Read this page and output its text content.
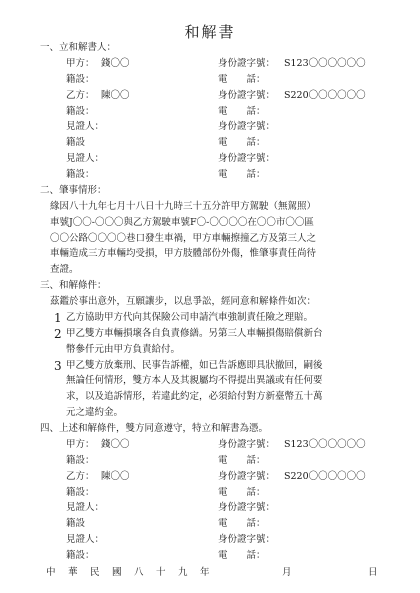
和解書
一、立和解書人：
甲方： 錢〇〇	身份證字號： S123〇〇〇〇〇〇
籍設：	電　　話：
乙方： 陳〇〇	身份證字號： S220〇〇〇〇〇〇
籍設：	電　　話：
見證人：	身份證字號：
籍設	電　　話：
見證人：	身份證字號：
籍設：	電　　話：
二、肇事情形：
緣因八十九年七月十八日十九時三十五分許甲方駕駛（無駕照）
車號J〇〇-〇〇〇與乙方駕駛車號F〇-〇〇〇〇在〇〇市〇〇區
〇〇公路〇〇〇〇巷口發生車禍，甲方車輛擦撞乙方及第三人之
車輛造成三方車輛均受損，甲方肢體部份外傷，惟肇事責任尚待
查證。
三、和解條件：
茲鑑於事出意外，互願讓步，以息爭訟，經同意和解條件如次：
1 乙方協助甲方代向其保險公司申請汽車強制責任險之理賠。
2 甲乙雙方車輛損壞各自負責修繕。另第三人車輛損傷賠償新台
幣參仟元由甲方負責給付。
3 甲乙雙方放棄刑、民事告訴權，如已告訴應即具狀撤回，嗣後
無論任何情形，雙方本人及其親屬均不得提出異議或有任何要
求，以及追訴情形，若違此約定，必須給付對方新臺幣五十萬
元之違約金。
四、上述和解條件，雙方同意遵守，特立和解書為憑。
甲方： 錢〇〇	身份證字號： S123〇〇〇〇〇〇
籍設：	電　　話：
乙方： 陳〇〇	身份證字號： S220〇〇〇〇〇〇
籍設：	電　　話：
見證人：	身份證字號：
籍設	電　　話：
見證人：	身份證字號：
籍設：	電　　話：
中 華 民 國 八 十 九 年	月	日
